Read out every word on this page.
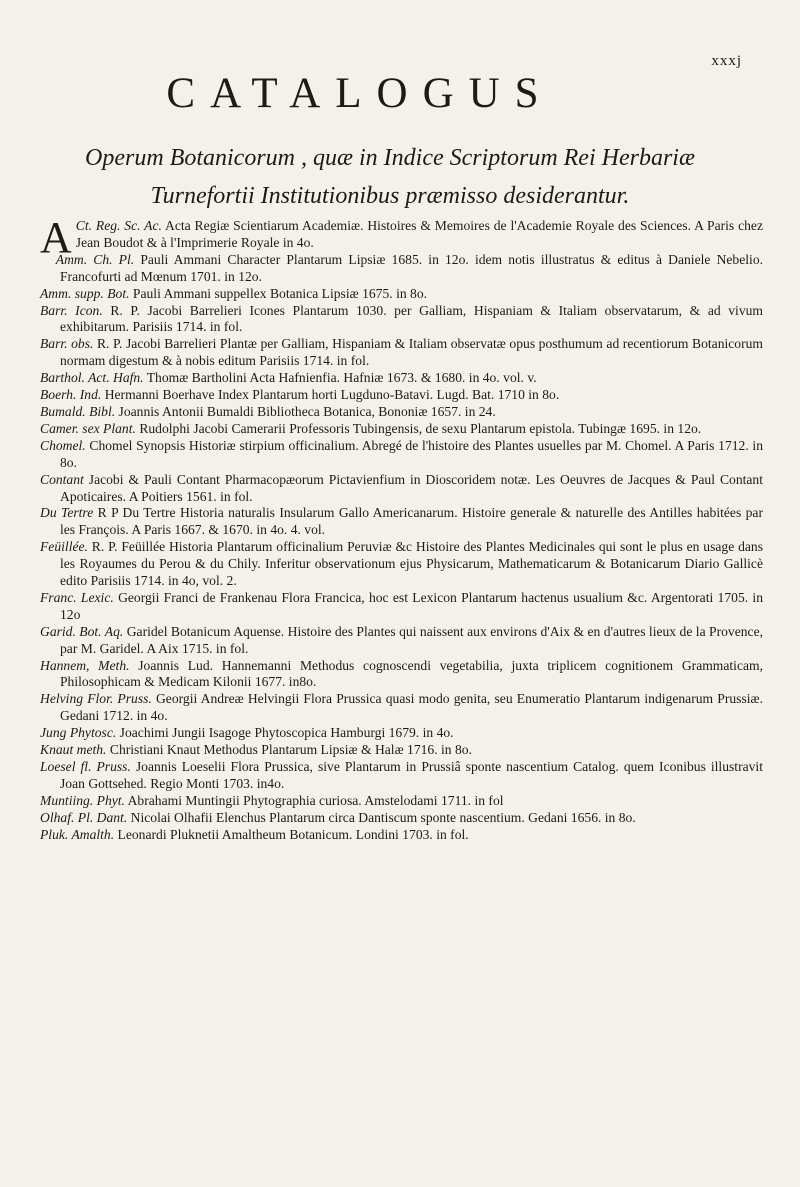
xxxj
CATALOGUS
Operum Botanicorum , quæ in Indice Scriptorum Rei Herbariæ
Turnefortii Institutionibus præmisso desiderantur.

A Ct. Reg. Sc. Ac. Acta Regiæ Scientiarum Academiæ. Histoires & Memoires de l'Academie Royale des Sciences. A Paris chez Jean Boudot & à l'Imprimerie Royale in 4o.

Amm. Ch. Pl. Pauli Ammani Character Plantarum Lipsiæ 1685. in 12o. idem notis illustratus & editus à Daniele Nebelio. Francofurti ad Mœnum 1701. in 12o.

Amm. supp. Bot. Pauli Ammani suppellex Botanica Lipsiæ 1675. in 8o.

Barr. Icon. R. P. Jacobi Barrelieri Icones Plantarum 1030. per Galliam, Hispaniam & Italiam observatarum, & ad vivum exhibitarum. Parisiis 1714. in fol.

Barr. obs. R. P. Jacobi Barrelieri Plantæ per Galliam, Hispaniam & Italiam observatæ opus posthumum ad recentiorum Botanicorum normam digestum & à nobis editum Parisiis 1714. in fol.

Barthol. Act. Hafn. Thomæ Bartholini Acta Hafnienfia. Hafniæ 1673. & 1680. in 4o. vol. v.

Boerh. Ind. Hermanni Boerhave Index Plantarum horti Lugduno-Batavi. Lugd. Bat. 1710 in 8o.

Bumald. Bibl. Joannis Antonii Bumaldi Bibliotheca Botanica, Bononiæ 1657. in 24.

Camer. sex Plant. Rudolphi Jacobi Camerarii Professoris Tubingensis, de sexu Plantarum epistola. Tubingæ 1695. in 12o.

Chomel. Chomel Synopsis Historiæ stirpium officinalium. Abregé de l'histoire des Plantes usuelles par M. Chomel. A Paris 1712. in 8o.

Contant Jacobi & Pauli Contant Pharmacopæorum Pictavienfium in Dioscoridem notæ. Les Oeuvres de Jacques & Paul Contant Apoticaires. A Poitiers 1561. in fol.

Du Tertre R P Du Tertre Historia naturalis Insularum Gallo Americanarum. Histoire generale & naturelle des Antilles habitées par les François. A Paris 1667. & 1670. in 4o. 4. vol.

Feüillée. R. P. Feüillée Historia Plantarum officinalium Peruviæ &c Histoire des Plantes Medicinales qui sont le plus en usage dans les Royaumes du Perou & du Chily. Inferitur observationum ejus Physicarum, Mathematicarum & Botanicarum Diario Gallicè edito Parisiis 1714. in 4o, vol. 2.

Franc. Lexic. Georgii Franci de Frankenau Flora Francica, hoc est Lexicon Plantarum hactenus usualium &c. Argentorati 1705. in 12o

Garid. Bot. Aq. Garidel Botanicum Aquense. Histoire des Plantes qui naissent aux environs d'Aix & en d'autres lieux de la Provence, par M. Garidel. A Aix 1715. in fol.

Hannem, Meth. Joannis Lud. Hannemanni Methodus cognoscendi vegetabilia, juxta triplicem cognitionem Grammaticam, Philosophicam & Medicam Kilonii 1677. in8o.

Helving Flor. Pruss. Georgii Andreæ Helvingii Flora Prussica quasi modo genita, seu Enumeratio Plantarum indigenarum Prussiæ. Gedani 1712. in 4o.

Jung Phytosc. Joachimi Jungii Isagoge Phytoscopica Hamburgi 1679. in 4o.

Knaut meth. Christiani Knaut Methodus Plantarum Lipsiæ & Halæ 1716. in 8o.

Loesel fl. Pruss. Joannis Loeselii Flora Prussica, sive Plantarum in Prussiâ sponte nascentium Catalog. quem Iconibus illustravit Joan Gottsehed. Regio Monti 1703. in4o.

Muntiing. Phyt. Abrahami Muntingii Phytographia curiosa. Amstelodami 1711. in fol

Olhaf. Pl. Dant. Nicolai Olhafii Elenchus Plantarum circa Dantiscum sponte nascentium. Gedani 1656. in 8o.

Pluk. Amalth. Leonardi Pluknetii Amaltheum Botanicum. Londini 1703. in fol.
